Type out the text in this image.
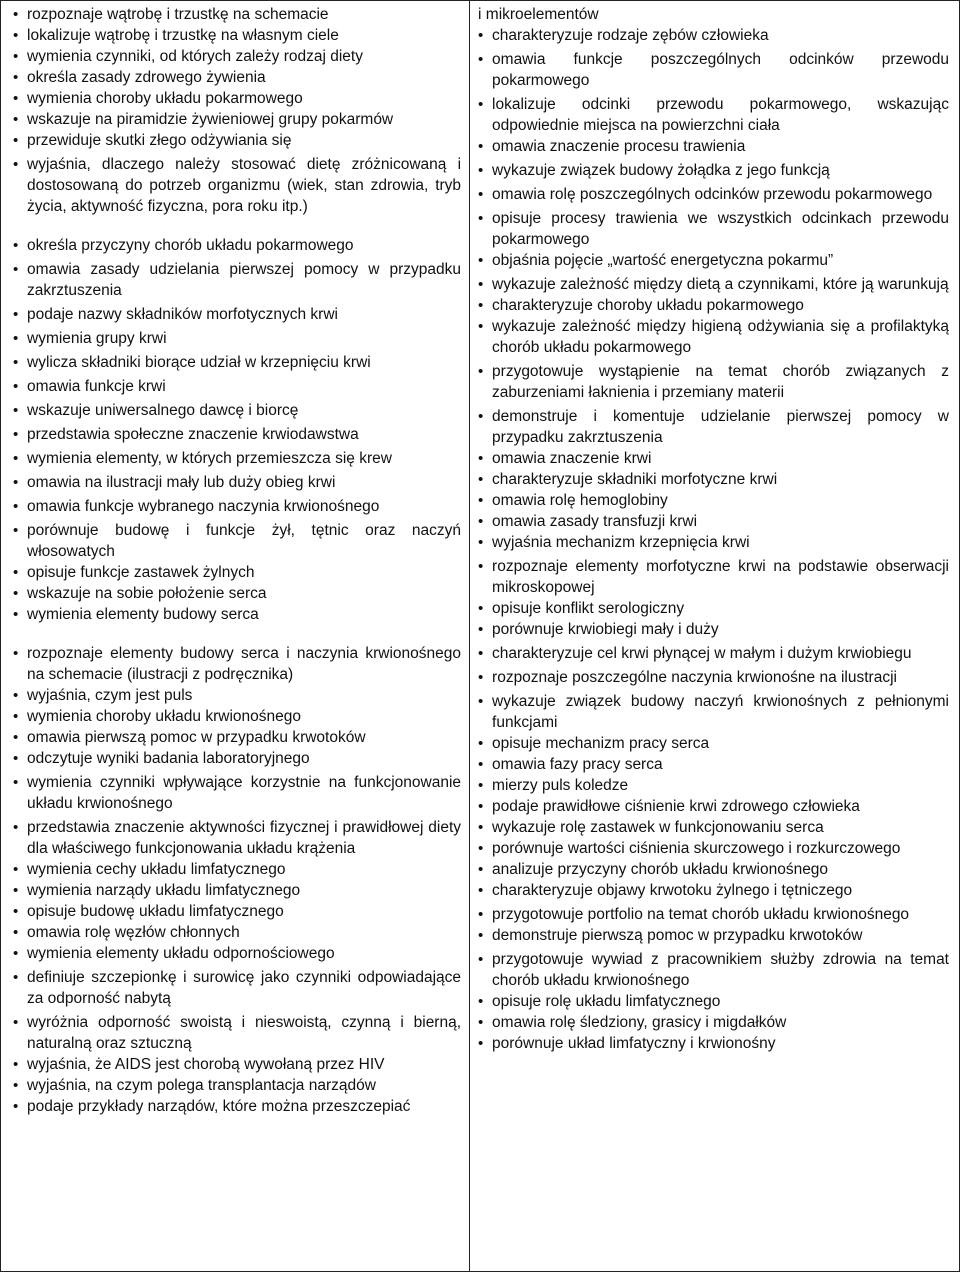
• rozpoznaje wątrobę i trzustkę na schemacie
• lokalizuje wątrobę i trzustkę na własnym ciele
• wymienia czynniki, od których zależy rodzaj diety
• określa zasady zdrowego żywienia
• wymienia choroby układu pokarmowego
• wskazuje na piramidzie żywieniowej grupy pokarmów
• przewiduje skutki złego odżywiania się
• wyjaśnia, dlaczego należy stosować dietę zróżnicowaną i dostosowaną do potrzeb organizmu (wiek, stan zdrowia, tryb życia, aktywność fizyczna, pora roku itp.)
• określa przyczyny chorób układu pokarmowego
• omawia zasady udzielania pierwszej pomocy w przypadku zakrztuszenia
• podaje nazwy składników morfotycznych krwi
• wymienia grupy krwi
• wylicza składniki biorące udział w krzepnięciu krwi
• omawia funkcje krwi
• wskazuje uniwersalnego dawcę i biorcę
• przedstawia społeczne znaczenie krwiodawstwa
• wymienia elementy, w których przemieszcza się krew
• omawia na ilustracji mały lub duży obieg krwi
• omawia funkcje wybranego naczynia krwionośnego
• porównuje budowę i funkcje żył, tętnic oraz naczyń włosowatych
• opisuje funkcje zastawek żylnych
• wskazuje na sobie położenie serca
• wymienia elementy budowy serca
• rozpoznaje elementy budowy serca i naczynia krwionośnego na schemacie (ilustracji z podręcznika)
• wyjaśnia, czym jest puls
• wymienia choroby układu krwionośnego
• omawia pierwszą pomoc w przypadku krwotoków
• odczytuje wyniki badania laboratoryjnego
• wymienia czynniki wpływające korzystnie na funkcjonowanie układu krwionośnego
• przedstawia znaczenie aktywności fizycznej i prawidłowej diety dla właściwego funkcjonowania układu krążenia
• wymienia cechy układu limfatycznego
• wymienia narządy układu limfatycznego
• opisuje budowę układu limfatycznego
• omawia rolę węzłów chłonnych
• wymienia elementy układu odpornościowego
• definiuje szczepionkę i surowicę jako czynniki odpowiadające za odporność nabytą
• wyróżnia odporność swoistą i nieswoistą, czynną i bierną, naturalną oraz sztuczną
• wyjaśnia, że AIDS jest chorobą wywołaną przez HIV
• wyjaśnia, na czym polega transplantacja narządów
• podaje przykłady narządów, które można przeszczepiać
i mikroelementów
• charakteryzuje rodzaje zębów człowieka
• omawia funkcje poszczególnych odcinków przewodu pokarmowego
• lokalizuje odcinki przewodu pokarmowego, wskazując odpowiednie miejsca na powierzchni ciała
• omawia znaczenie procesu trawienia
• wykazuje związek budowy żołądka z jego funkcją
• omawia rolę poszczególnych odcinków przewodu pokarmowego
• opisuje procesy trawienia we wszystkich odcinkach przewodu pokarmowego
• objaśnia pojęcie „wartość energetyczna pokarmu”
• wykazuje zależność między dietą a czynnikami, które ją warunkują
• charakteryzuje choroby układu pokarmowego
• wykazuje zależność między higieną odżywiania się a profilaktyką chorób układu pokarmowego
• przygotowuje wystąpienie na temat chorób związanych z zaburzeniami łaknienia i przemiany materii
• demonstruje i komentuje udzielanie pierwszej pomocy w przypadku zakrztuszenia
• omawia znaczenie krwi
• charakteryzuje składniki morfotyczne krwi
• omawia rolę hemoglobiny
• omawia zasady transfuzji krwi
• wyjaśnia mechanizm krzepnięcia krwi
• rozpoznaje elementy morfotyczne krwi na podstawie obserwacji mikroskopowej
• opisuje konflikt serologiczny
• porównuje krwiobiegi mały i duży
• charakteryzuje cel krwi płynącej w małym i dużym krwiobiegu
• rozpoznaje poszczególne naczynia krwionośne na ilustracji
• wykazuje związek budowy naczyń krwionośnych z pełnionymi funkcjami
• opisuje mechanizm pracy serca
• omawia fazy pracy serca
• mierzy puls koledze
• podaje prawidłowe ciśnienie krwi zdrowego człowieka
• wykazuje rolę zastawek w funkcjonowaniu serca
• porównuje wartości ciśnienia skurczowego i rozkurczowego
• analizuje przyczyny chorób układu krwionośnego
• charakteryzuje objawy krwotoku żylnego i tętniczego
• przygotowuje portfolio na temat chorób układu krwionośnego
• demonstruje pierwszą pomoc w przypadku krwotoków
• przygotowuje wywiad z pracownikiem służby zdrowia na temat chorób układu krwionośnego
• opisuje rolę układu limfatycznego
• omawia rolę śledziony, grasicy i migdałków
• porównuje układ limfatyczny i krwionośny
